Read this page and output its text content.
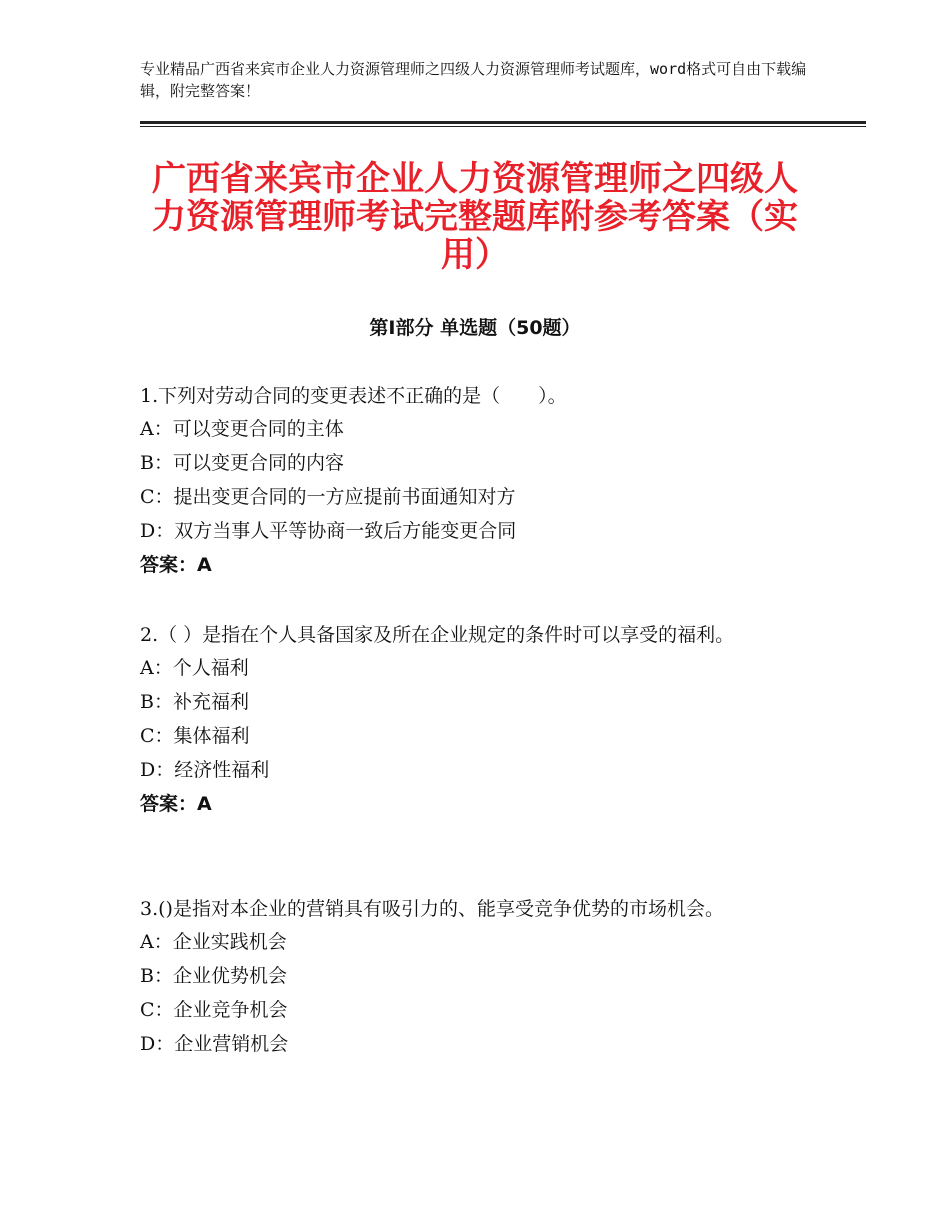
专业精品广西省来宾市企业人力资源管理师之四级人力资源管理师考试题库，word格式可自由下载编辑，附完整答案！
广西省来宾市企业人力资源管理师之四级人力资源管理师考试完整题库附参考答案（实用）
第Ⅰ部分 单选题（50题）
1.下列对劳动合同的变更表述不正确的是（　　）。
A：可以变更合同的主体
B：可以变更合同的内容
C：提出变更合同的一方应提前书面通知对方
D：双方当事人平等协商一致后方能变更合同
答案：A
2.（ ）是指在个人具备国家及所在企业规定的条件时可以享受的福利。
A：个人福利
B：补充福利
C：集体福利
D：经济性福利
答案：A
3.()是指对本企业的营销具有吸引力的、能享受竞争优势的市场机会。
A：企业实践机会
B：企业优势机会
C：企业竞争机会
D：企业营销机会
